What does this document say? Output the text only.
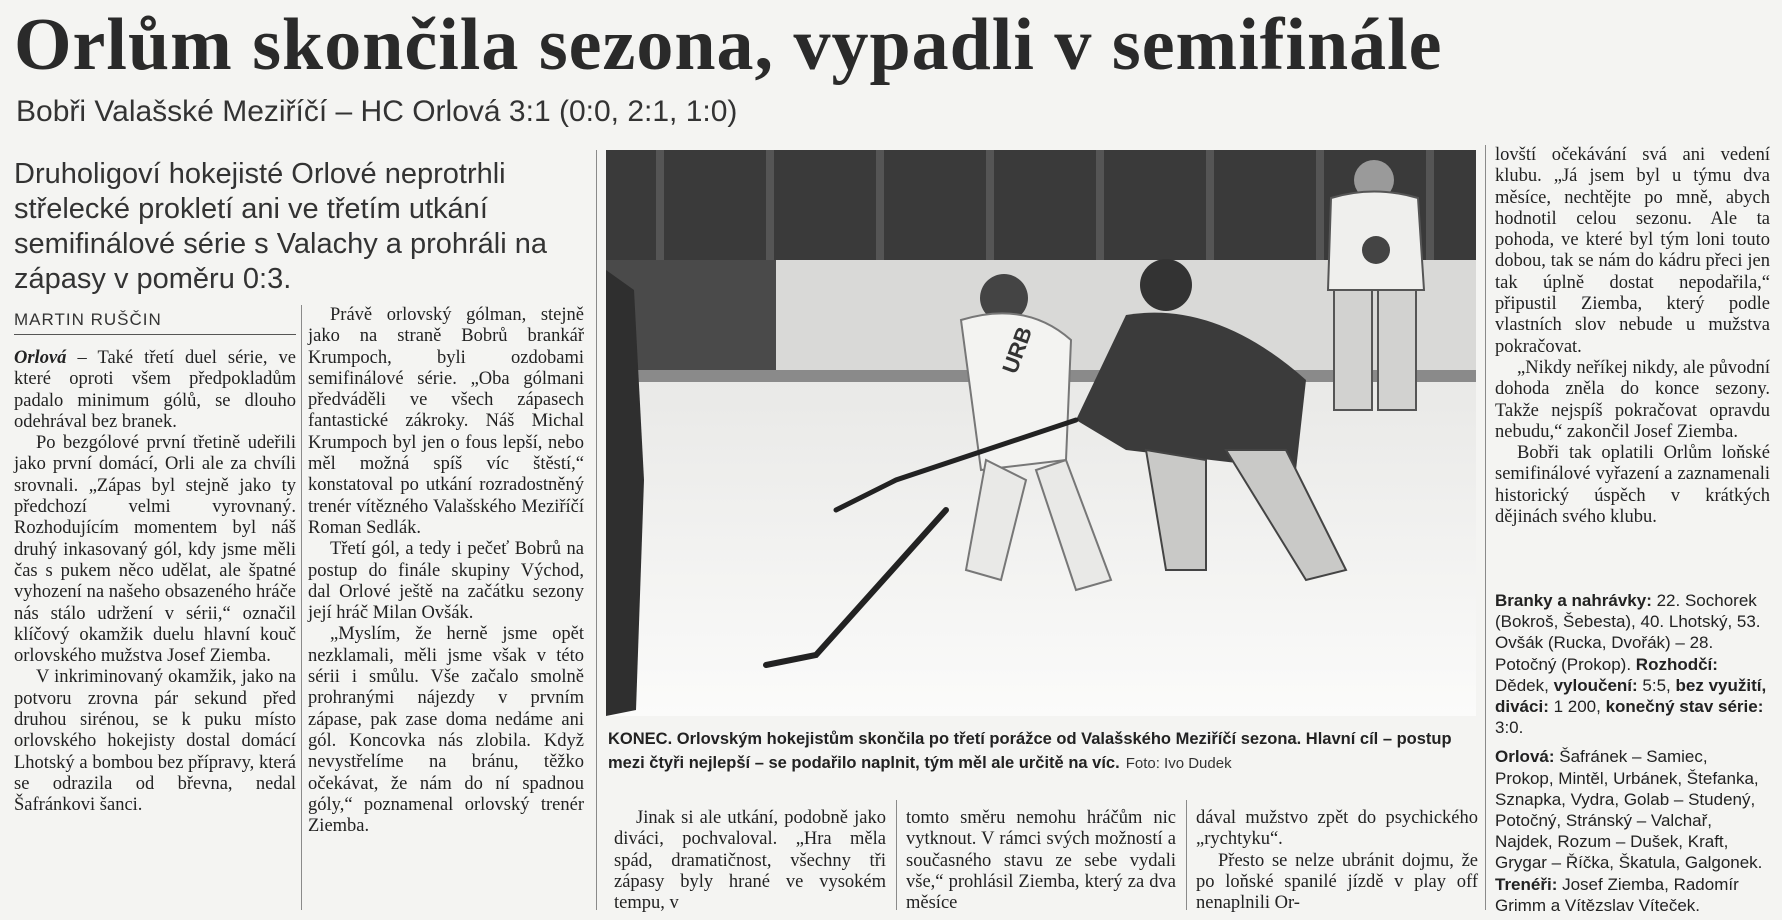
Orlům skončila sezona, vypadli v semifinále
Bobři Valašské Meziříčí – HC Orlová 3:1 (0:0, 2:1, 1:0)
Druholigoví hokejisté Orlové neprotrhli střelecké prokletí ani ve třetím utkání semifinálové série s Valachy a prohráli na zápasy v poměru 0:3.
MARTIN RUŠČIN

Orlová – Také třetí duel série, ve které oproti všem předpokladům padalo minimum gólů, se dlouho odehrával bez branek.

Po bezgólové první třetině udeřili jako první domácí, Orli ale za chvíli srovnali. „Zápas byl stejně jako ty předchozí velmi vyrovnaný. Rozhodujícím momentem byl náš druhý inkasovaný gól, kdy jsme měli čas s pukem něco udělat, ale špatné vyhození na našeho obsazeného hráče nás stálo udržení v sérii,“ označil klíčový okamžik duelu hlavní kouč orlovského mužstva Josef Ziemba.

V inkriminovaný okamžik, jako na potvoru zrovna pár sekund před druhou sirénou, se k puku místo orlovského hokejisty dostal domácí Lhotský a bombou bez přípravy, která se odrazila od břevna, nedal Šafránkovi šanci.

Právě orlovský gólman, stejně jako na straně Bobrů brankář Krumpoch, byli ozdobami semifinálové série. „Oba gólmani předváděli ve všech zápasech fantastické zákroky. Náš Michal Krumpoch byl jen o fous lepší, nebo měl možná spíš víc štěstí,“ konstatoval po utkání rozradostněný trenér vítězného Valašského Meziříčí Roman Sedlák.

Třetí gól, a tedy i pečeť Bobrů na postup do finále skupiny Východ, dal Orlové ještě na začátku sezony její hráč Milan Ovšák.

„Myslím, že herně jsme opět nezklamali, měli jsme však v této sérii i smůlu. Vše začalo smolně prohranými nájezdy v prvním zápase, pak zase doma nedáme ani gól. Koncovka nás zlobila. Když nevystřelíme na bránu, těžko očekávat, že nám do ní spadnou góly,“ poznamenal orlovský trenér Ziemba.

URB
KONEC. Orlovským hokejistům skončila po třetí porážce od Valašského Meziříčí sezona. Hlavní cíl – postup mezi čtyři nejlepší – se podařilo naplnit, tým měl ale určitě na víc. Foto: Ivo Dudek

lovští očekávání svá ani vedení klubu. „Já jsem byl u týmu dva měsíce, nechtějte po mně, abych hodnotil celou sezonu. Ale ta pohoda, ve které byl tým loni touto dobou, tak se nám do kádru přeci jen tak úplně dostat nepodařila,“ připustil Ziemba, který podle vlastních slov nebude u mužstva pokračovat.

„Nikdy neříkej nikdy, ale původní dohoda zněla do konce sezony. Takže nejspíš pokračovat opravdu nebudu,“ zakončil Josef Ziemba.

Bobři tak oplatili Orlům loňské semifinálové vyřazení a zaznamenali historický úspěch v krátkých dějinách svého klubu.

Branky a nahrávky: 22. Sochorek (Bokroš, Šebesta), 40. Lhotský, 53. Ovšák (Rucka, Dvořák) – 28. Potočný (Prokop). Rozhodčí: Dědek, vyloučení: 5:5, bez využití, diváci: 1 200, konečný stav série: 3:0.

Orlová: Šafránek – Samiec, Prokop, Mintěl, Urbánek, Štefanka, Sznapka, Vydra, Golab – Studený, Potočný, Stránský – Valchař, Najdek, Rozum – Dušek, Kraft, Grygar – Říčka, Škatula, Galgonek. Trenéři: Josef Ziemba, Radomír Grimm a Vítězslav Víteček.

Jinak si ale utkání, podobně jako diváci, pochvaloval. „Hra měla spád, dramatičnost, všechny tři zápasy byly hrané ve vysokém tempu, v

tomto směru nemohu hráčům nic vytknout. V rámci svých možností a současného stavu ze sebe vydali vše,“ prohlásil Ziemba, který za dva měsíce

dával mužstvo zpět do psychického „rychtyku“.

Přesto se nelze ubránit dojmu, že po loňské spanilé jízdě v play off nenaplnili Or-
